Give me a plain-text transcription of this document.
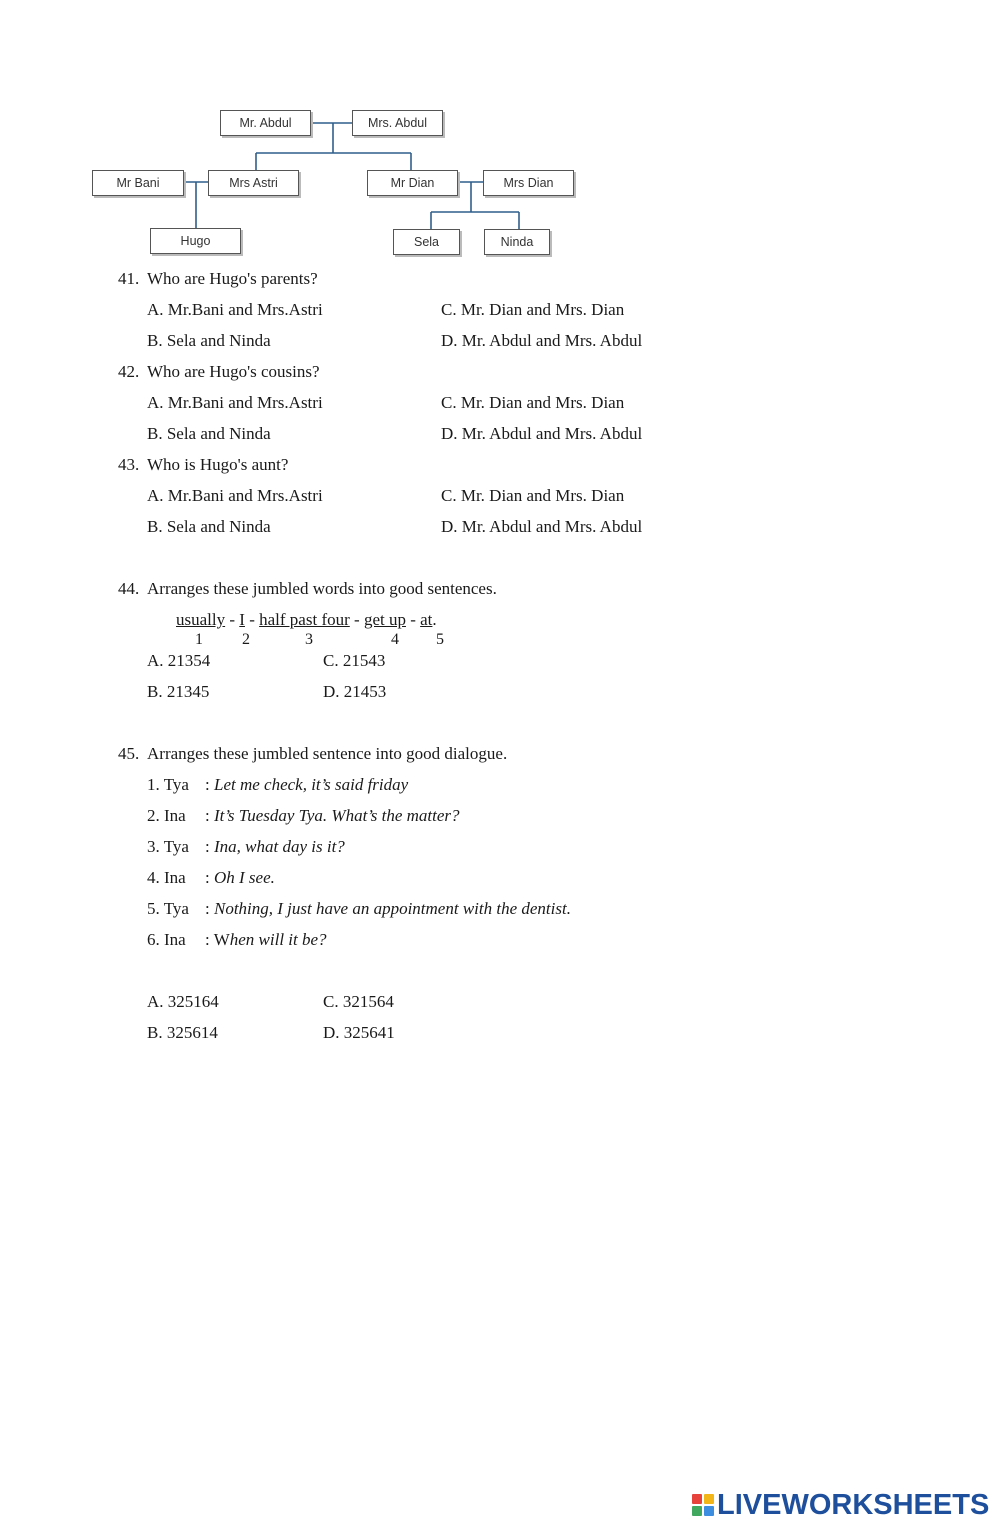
Mr. Abdul	Mrs. Abdul
Mr Bani	Mrs Astri	Mr Dian	Mrs Dian
Hugo	Sela	Ninda
41. Who are Hugo's parents?
A. Mr.Bani and Mrs.Astri
B. Sela and Ninda
C. Mr. Dian and Mrs. Dian
D. Mr. Abdul and Mrs. Abdul
42. Who are Hugo's cousins?
A. Mr.Bani and Mrs.Astri
B. Sela and Ninda
C. Mr. Dian and Mrs. Dian
D. Mr. Abdul and Mrs. Abdul
43. Who is Hugo's aunt?
A. Mr.Bani and Mrs.Astri
B. Sela and Ninda
C. Mr. Dian and Mrs. Dian
D. Mr. Abdul and Mrs. Abdul
44. Arranges these jumbled words into good sentences.
usually - I - half past four - get up - at.
1 2	3	4 5
A. 21354
B. 21345
C. 21543
D. 21453
45. Arranges these jumbled sentence into good dialogue.
1. Tya : Let me check, it’s said friday
2. Ina : It’s Tuesday Tya. What’s the matter?
3. Tya : Ina, what day is it?
4. Ina : Oh I see.
5. Tya : Nothing, I just have an appointment with the dentist.
6. Ina : When will it be?
A. 325164
B. 325614
C. 321564
D. 325641
LIVEWORKSHEETS
